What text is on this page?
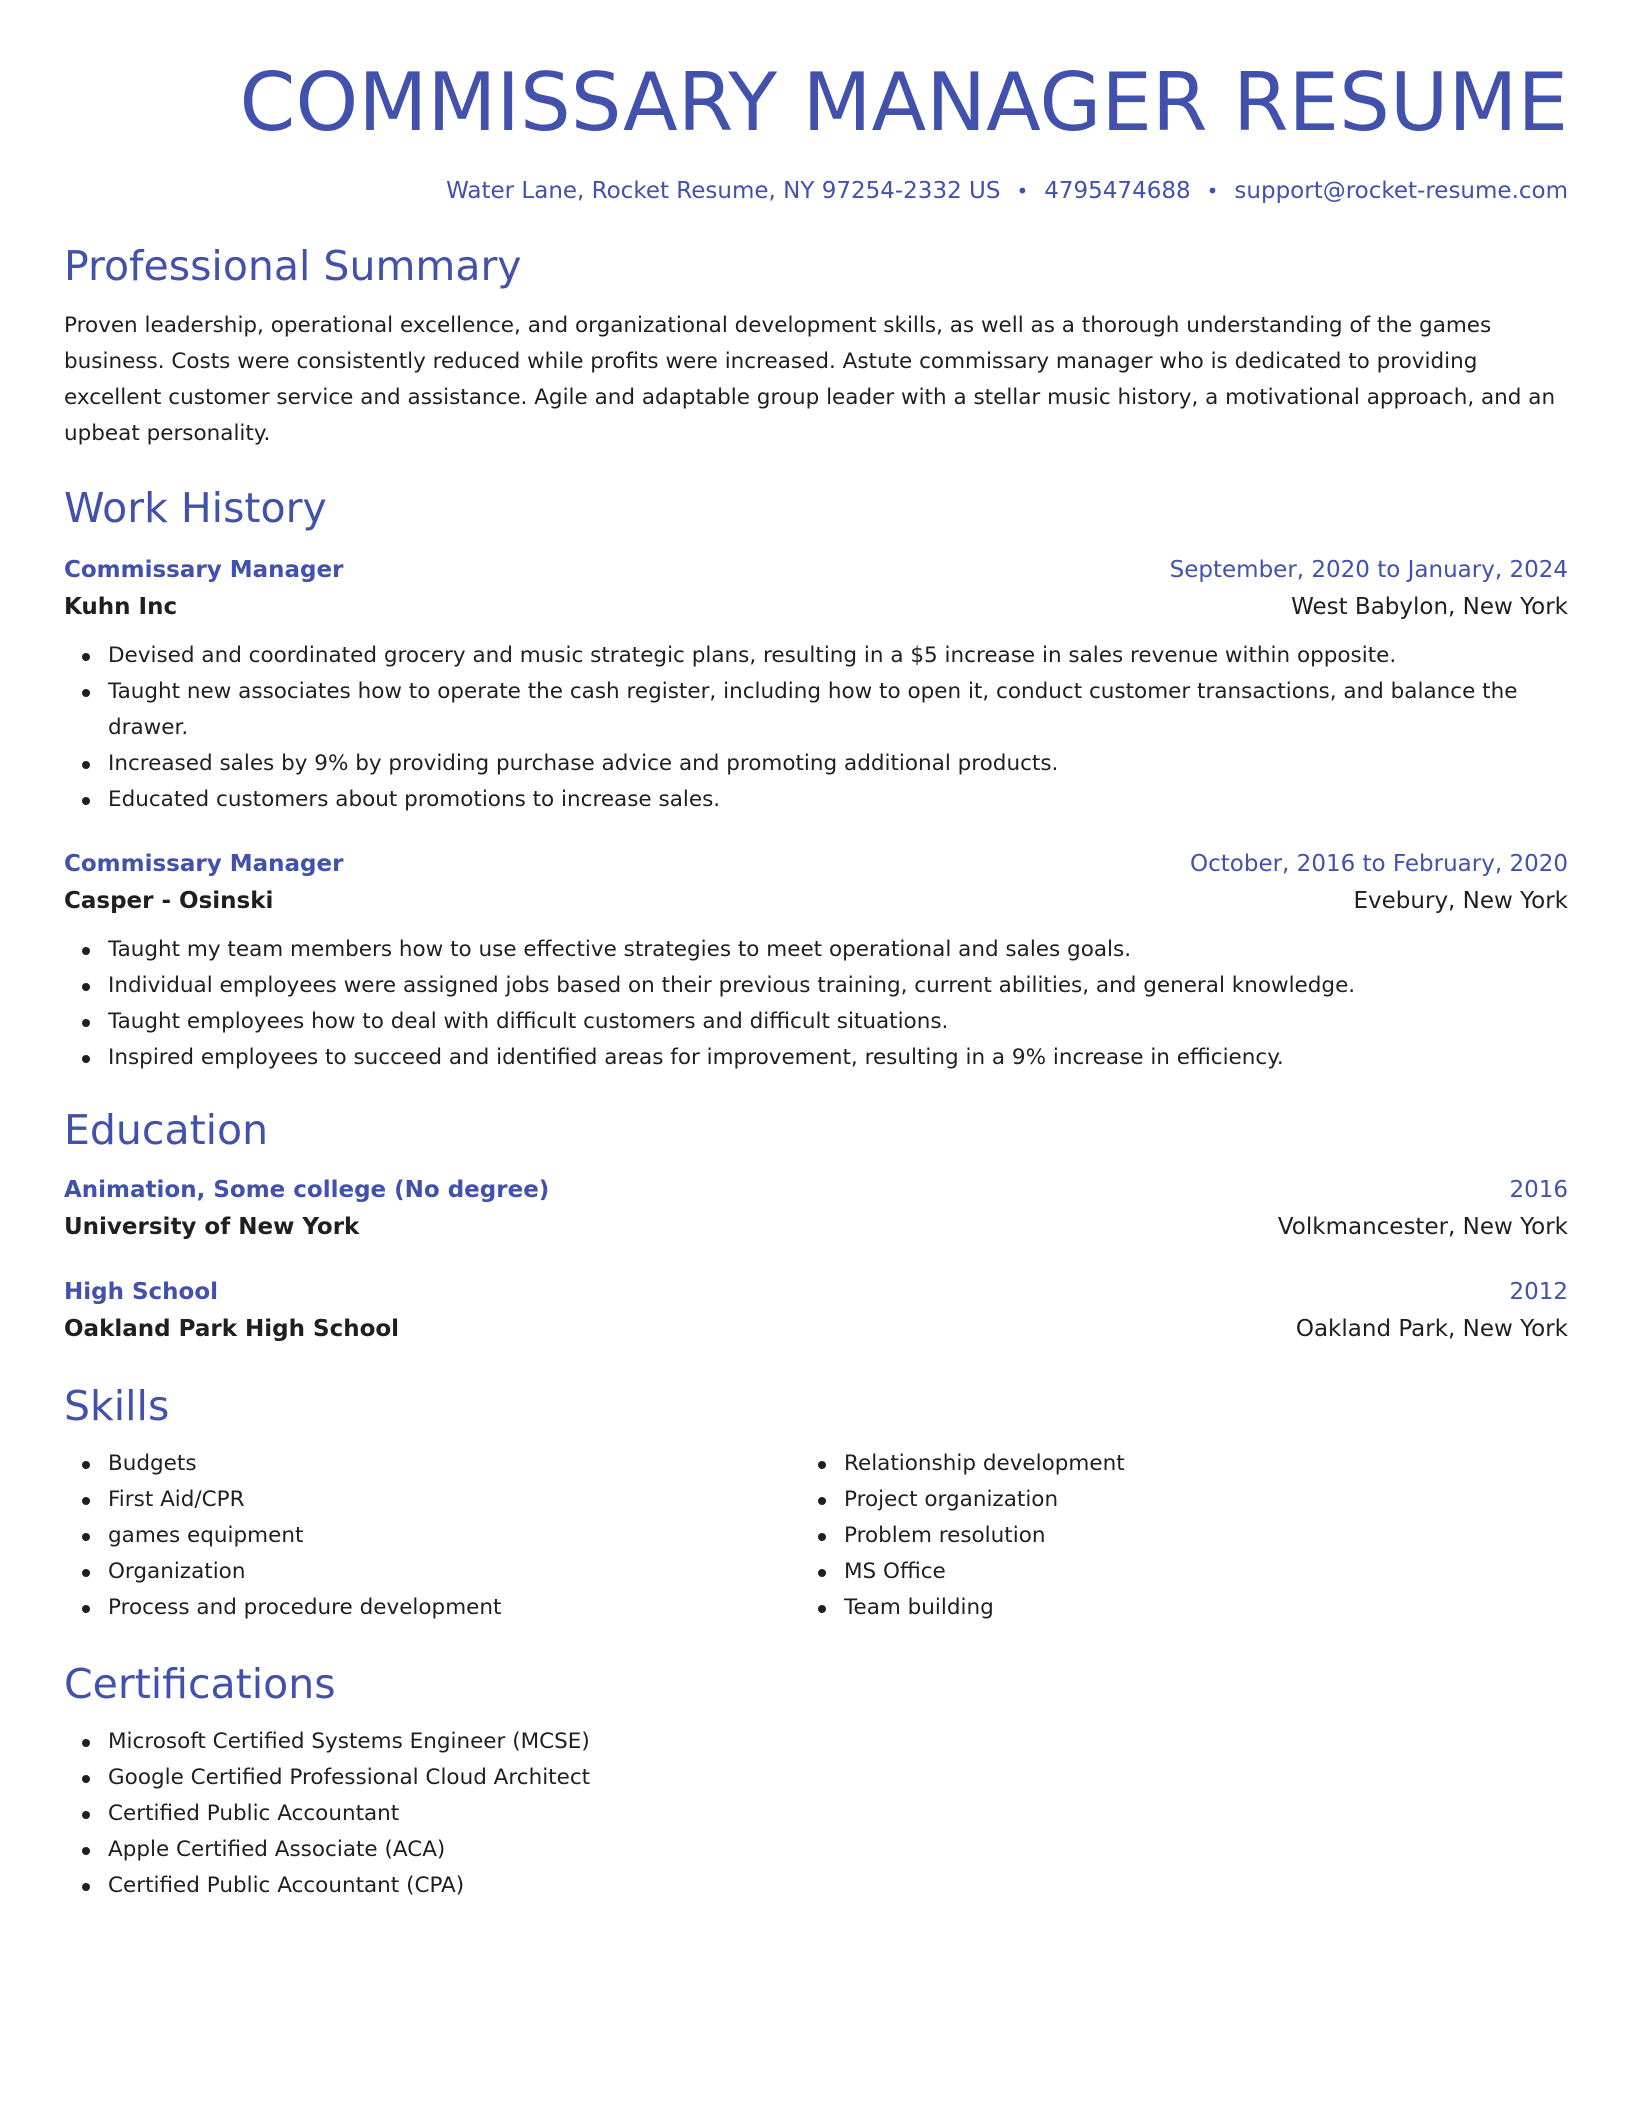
COMMISSARY MANAGER RESUME
Water Lane, Rocket Resume, NY 97254-2332 US • 4795474688 • support@rocket-resume.com
Professional Summary

Proven leadership, operational excellence, and organizational development skills, as well as a thorough understanding of the games business. Costs were consistently reduced while profits were increased. Astute commissary manager who is dedicated to providing excellent customer service and assistance. Agile and adaptable group leader with a stellar music history, a motivational approach, and an upbeat personality.

Work History
Commissary Manager	September, 2020 to January, 2024
Kuhn Inc	West Babylon, New York
Devised and coordinated grocery and music strategic plans, resulting in a $5 increase in sales revenue within opposite.
Taught new associates how to operate the cash register, including how to open it, conduct customer transactions, and balance the drawer.
Increased sales by 9% by providing purchase advice and promoting additional products.
Educated customers about promotions to increase sales.
Commissary Manager	October, 2016 to February, 2020
Casper - Osinski	Evebury, New York
Taught my team members how to use effective strategies to meet operational and sales goals.
Individual employees were assigned jobs based on their previous training, current abilities, and general knowledge.
Taught employees how to deal with difficult customers and difficult situations.
Inspired employees to succeed and identified areas for improvement, resulting in a 9% increase in efficiency.
Education
Animation, Some college (No degree)	2016
University of New York	Volkmancester, New York
High School	2012
Oakland Park High School	Oakland Park, New York
Skills
Budgets
First Aid/CPR
games equipment
Organization
Process and procedure development
Relationship development
Project organization
Problem resolution
MS Office
Team building
Certifications
Microsoft Certified Systems Engineer (MCSE)
Google Certified Professional Cloud Architect
Certified Public Accountant
Apple Certified Associate (ACA)
Certified Public Accountant (CPA)
